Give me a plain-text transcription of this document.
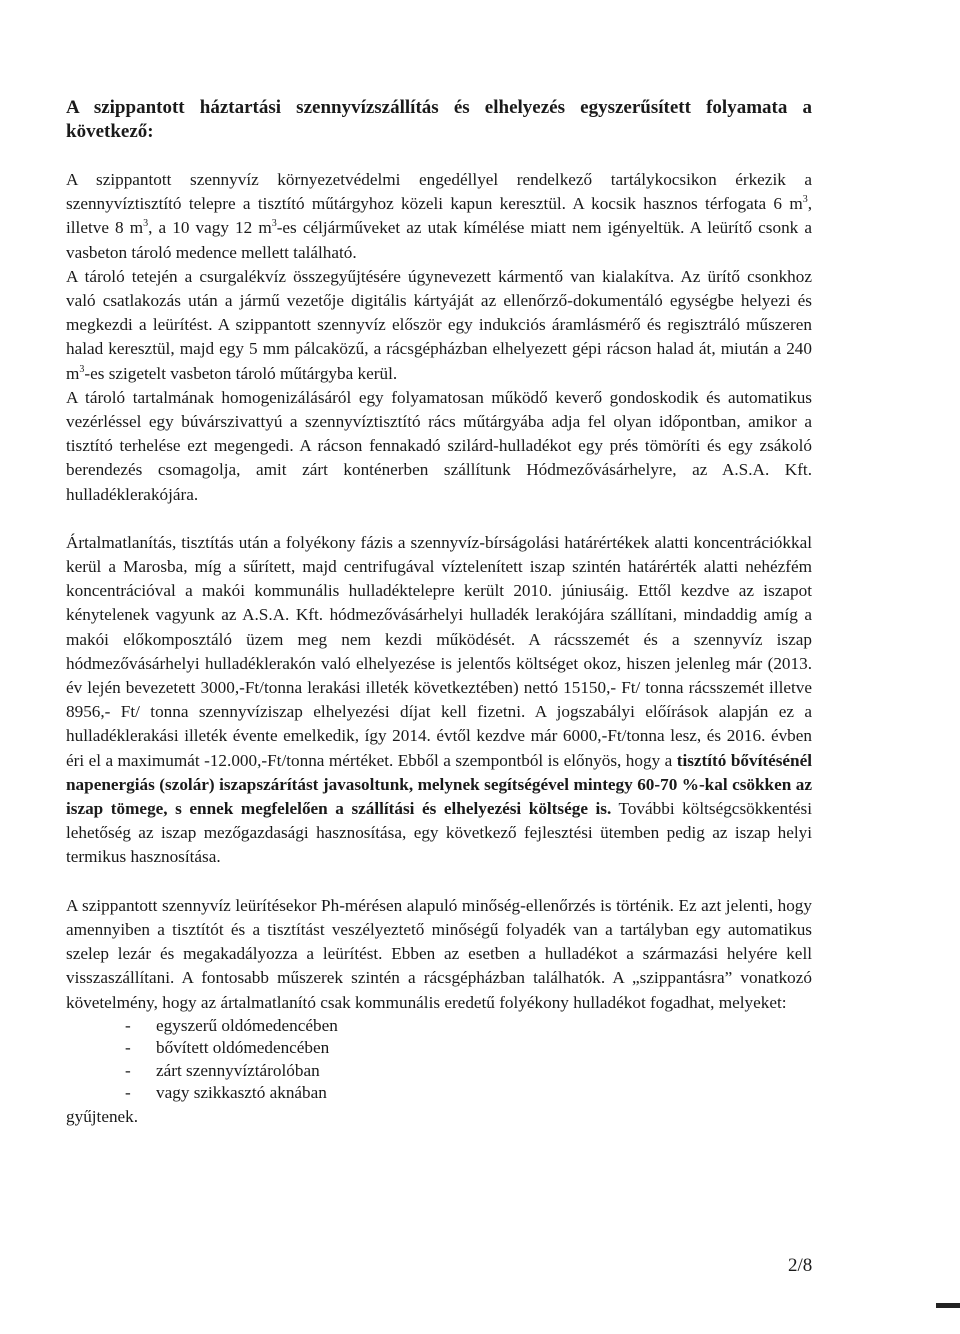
A szippantott háztartási szennyvízszállítás és elhelyezés egyszerűsített folyamata a következő:

A szippantott szennyvíz környezetvédelmi engedéllyel rendelkező tartálykocsikon érkezik a szennyvíztisztító telepre a tisztító műtárgyhoz közeli kapun keresztül. A kocsik hasznos térfogata 6 $m^3$, illetve 8 $m^3$, a 10 vagy 12 $m^3-es$ céljárműveket az utak kímélése miatt nem igényeltük. A leürítő csonk a vasbeton tároló medence mellett található.

A tároló tetején a csurgalékvíz összegyűjtésére úgynevezett kármentő van kialakítva. Az ürítő csonkhoz való csatlakozás után a jármű vezetője digitális kártyáját az ellenőrző-dokumentáló egységbe helyezi és megkezdi a leürítést. A szippantott szennyvíz először egy indukciós áramlásmérő és regisztráló műszeren halad keresztül, majd egy 5 mm pálcaközű, a rácsgépházban elhelyezett gépi rácson halad át, miután a 240 $m^3-es$ szigetelt vasbeton tároló műtárgyba kerül.

A tároló tartalmának homogenizálásáról egy folyamatosan működő keverő gondoskodik és automatikus vezérléssel egy búvárszivattyú a szennyvíztisztító rács műtárgyába adja fel olyan időpontban, amikor a tisztító terhelése ezt megengedi. A rácson fennakadó szilárd-hulladékot egy prés tömöríti és egy zsákoló berendezés csomagolja, amit zárt konténerben szállítunk Hódmezővásárhelyre, az A.S.A. Kft. hulladéklerakójára.

Ártalmatlanítás, tisztítás után a folyékony fázis a szennyvíz-bírságolási határértékek alatti koncentrációkkal kerül a Marosba, míg a sűrített, majd centrifugával víztelenített iszap szintén határérték alatti nehézfém koncentrációval a makói kommunális hulladéktelepre került 2010. júniusáig. Ettől kezdve az iszapot kénytelenek vagyunk az A.S.A. Kft. hódmezővásárhelyi hulladék lerakójára szállítani, mindaddig amíg a makói előkomposztáló üzem meg nem kezdi működését. A rácsszemét és a szennyvíz iszap hódmezővásárhelyi hulladéklerakón való elhelyezése is jelentős költséget okoz, hiszen jelenleg már (2013. év lején bevezetett 3000,-Ft/tonna lerakási illeték következtében) nettó 15150,- Ft/ tonna rácsszemét illetve 8956,- Ft/ tonna szennyvíziszap elhelyezési díjat kell fizetni. A jogszabályi előírások alapján ez a hulladéklerakási illeték évente emelkedik, így 2014. évtől kezdve már 6000,-Ft/tonna lesz, és 2016. évben éri el a maximumát -12.000,-Ft/tonna mértéket. Ebből a szempontból is előnyös, hogy a tisztító bővítésénél napenergiás (szolár) iszapszárítást javasoltunk, melynek segítségével mintegy 60-70 %-kal csökken az iszap tömege, s ennek megfelelően a szállítási és elhelyezési költsége is. További költségcsökkentési lehetőség az iszap mezőgazdasági hasznosítása, egy következő fejlesztési ütemben pedig az iszap helyi termikus hasznosítása.

A szippantott szennyvíz leürítésekor Ph-mérésen alapuló minőség-ellenőrzés is történik. Ez azt jelenti, hogy amennyiben a tisztítót és a tisztítást veszélyeztető minőségű folyadék van a tartályban egy automatikus szelep lezár és megakadályozza a leürítést. Ebben az esetben a hulladékot a származási helyére kell visszaszállítani. A fontosabb műszerek szintén a rácsgépházban találhatók. A „szippantásra” vonatkozó követelmény, hogy az ártalmatlanító csak kommunális eredetű folyékony hulladékot fogadhat, melyeket:

- egyszerű oldómedencében
- bővített oldómedencében
- zárt szennyvíztárolóban
- vagy szikkasztó aknában

gyűjtenek.

2/8
